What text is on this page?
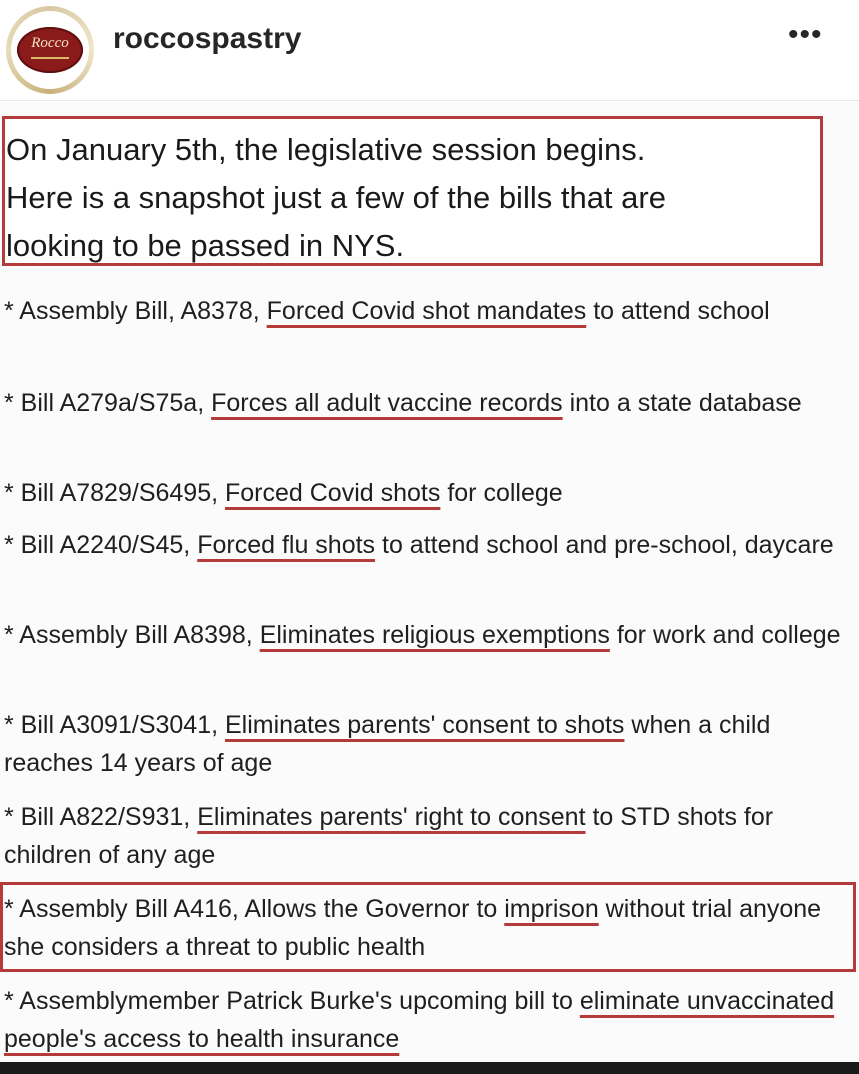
Rocco	roccospastry	•••
On January 5th, the legislative session begins.
Here is a snapshot just a few of the bills that are
looking to be passed in NYS.
* Assembly Bill, A8378, Forced Covid shot mandates to attend school
* Bill A279a/S75a, Forces all adult vaccine records into a state database
* Bill A7829/S6495, Forced Covid shots for college
* Bill A2240/S45, Forced flu shots to attend school and pre-school, daycare
* Assembly Bill A8398, Eliminates religious exemptions for work and college
* Bill A3091/S3041, Eliminates parents' consent to shots when a child reaches 14 years of age
* Bill A822/S931, Eliminates parents' right to consent to STD shots for children of any age
* Assembly Bill A416, Allows the Governor to imprison without trial anyone she considers a threat to public health
* Assemblymember Patrick Burke's upcoming bill to eliminate unvaccinated people's access to health insurance
